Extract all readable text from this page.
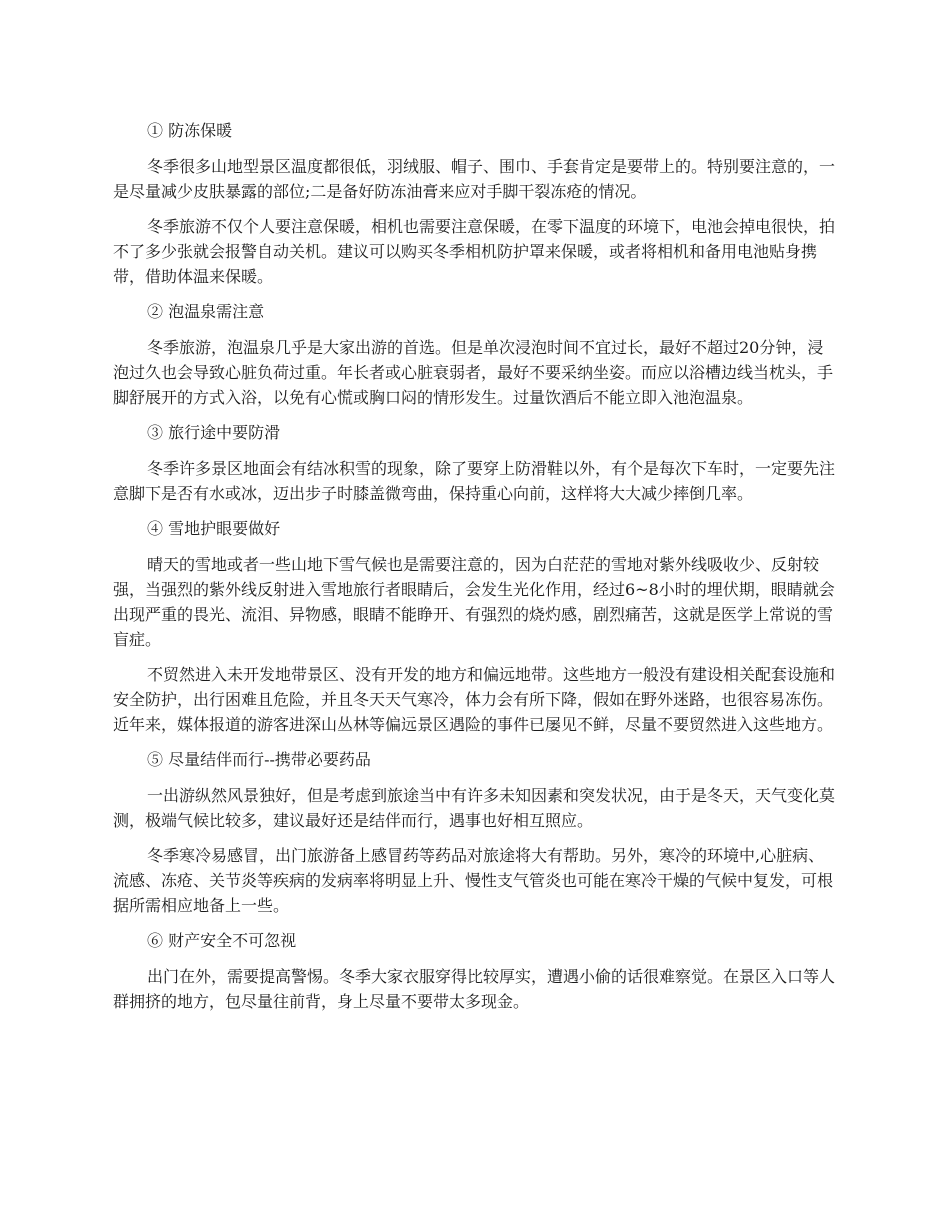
① 防冻保暖

冬季很多山地型景区温度都很低，羽绒服、帽子、围巾、手套肯定是要带上的。特别要注意的，一是尽量减少皮肤暴露的部位;二是备好防冻油膏来应对手脚干裂冻疮的情况。

冬季旅游不仅个人要注意保暖，相机也需要注意保暖，在零下温度的环境下，电池会掉电很快，拍不了多少张就会报警自动关机。建议可以购买冬季相机防护罩来保暖，或者将相机和备用电池贴身携带，借助体温来保暖。

② 泡温泉需注意

冬季旅游，泡温泉几乎是大家出游的首选。但是单次浸泡时间不宜过长，最好不超过20分钟，浸泡过久也会导致心脏负荷过重。年长者或心脏衰弱者，最好不要采纳坐姿。而应以浴槽边线当枕头，手脚舒展开的方式入浴，以免有心慌或胸口闷的情形发生。过量饮酒后不能立即入池泡温泉。

③ 旅行途中要防滑

冬季许多景区地面会有结冰积雪的现象，除了要穿上防滑鞋以外，有个是每次下车时，一定要先注意脚下是否有水或冰，迈出步子时膝盖微弯曲，保持重心向前，这样将大大减少摔倒几率。

④ 雪地护眼要做好

晴天的雪地或者一些山地下雪气候也是需要注意的，因为白茫茫的雪地对紫外线吸收少、反射较强，当强烈的紫外线反射进入雪地旅行者眼睛后，会发生光化作用，经过6~8小时的埋伏期，眼睛就会出现严重的畏光、流泪、异物感，眼睛不能睁开、有强烈的烧灼感，剧烈痛苦，这就是医学上常说的雪盲症。

不贸然进入未开发地带景区、没有开发的地方和偏远地带。这些地方一般没有建设相关配套设施和安全防护，出行困难且危险，并且冬天天气寒冷，体力会有所下降，假如在野外迷路，也很容易冻伤。近年来，媒体报道的游客进深山丛林等偏远景区遇险的事件已屡见不鲜，尽量不要贸然进入这些地方。

⑤ 尽量结伴而行--携带必要药品

一出游纵然风景独好，但是考虑到旅途当中有许多未知因素和突发状况，由于是冬天，天气变化莫测，极端气候比较多，建议最好还是结伴而行，遇事也好相互照应。

冬季寒冷易感冒，出门旅游备上感冒药等药品对旅途将大有帮助。另外，寒冷的环境中,心脏病、流感、冻疮、关节炎等疾病的发病率将明显上升、慢性支气管炎也可能在寒冷干燥的气候中复发，可根据所需相应地备上一些。

⑥ 财产安全不可忽视

出门在外，需要提高警惕。冬季大家衣服穿得比较厚实，遭遇小偷的话很难察觉。在景区入口等人群拥挤的地方，包尽量往前背，身上尽量不要带太多现金。
